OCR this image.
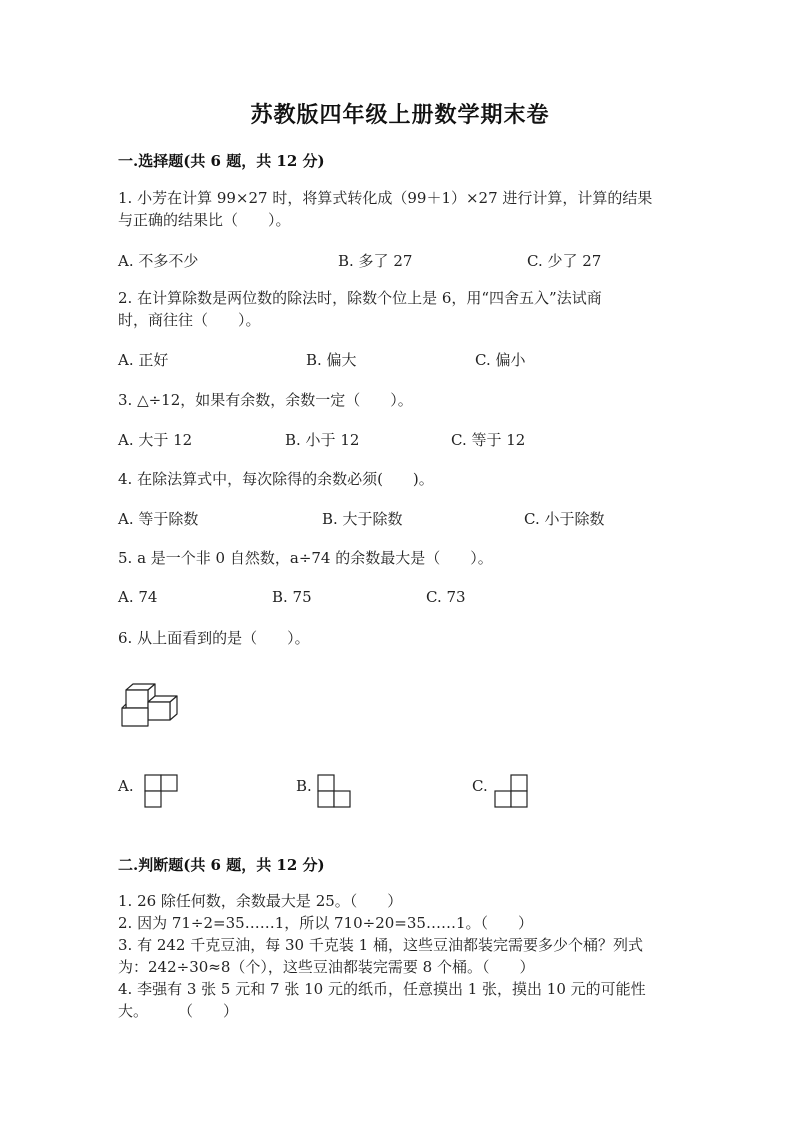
苏教版四年级上册数学期末卷
一.选择题(共 6 题，共 12 分)
1. 小芳在计算 99×27 时，将算式转化成（99＋1）×27 进行计算，计算的结果
与正确的结果比（　　）。
A. 不多不少	B. 多了 27	C. 少了 27
2. 在计算除数是两位数的除法时，除数个位上是 6，用“四舍五入”法试商
时，商往往（　　）。
A. 正好	B. 偏大	C. 偏小
3. △÷12，如果有余数，余数一定（　　）。
A. 大于 12	B. 小于 12	C. 等于 12
4. 在除法算式中，每次除得的余数必须(　　)。
A. 等于除数	B. 大于除数	C. 小于除数
5. a 是一个非 0 自然数，a÷74 的余数最大是（　　）。
A. 74	B. 75	C. 73
6. 从上面看到的是（　　）。
A.	B.	C.
二.判断题(共 6 题，共 12 分)
1. 26 除任何数，余数最大是 25。（　　）
2. 因为 71÷2=35……1，所以 710÷20=35……1。（　　）
3. 有 242 千克豆油，每 30 千克装 1 桶，这些豆油都装完需要多少个桶？列式
为：242÷30≈8（个），这些豆油都装完需要 8 个桶。（　　）
4. 李强有 3 张 5 元和 7 张 10 元的纸币，任意摸出 1 张，摸出 10 元的可能性
大。　　　（　　）
